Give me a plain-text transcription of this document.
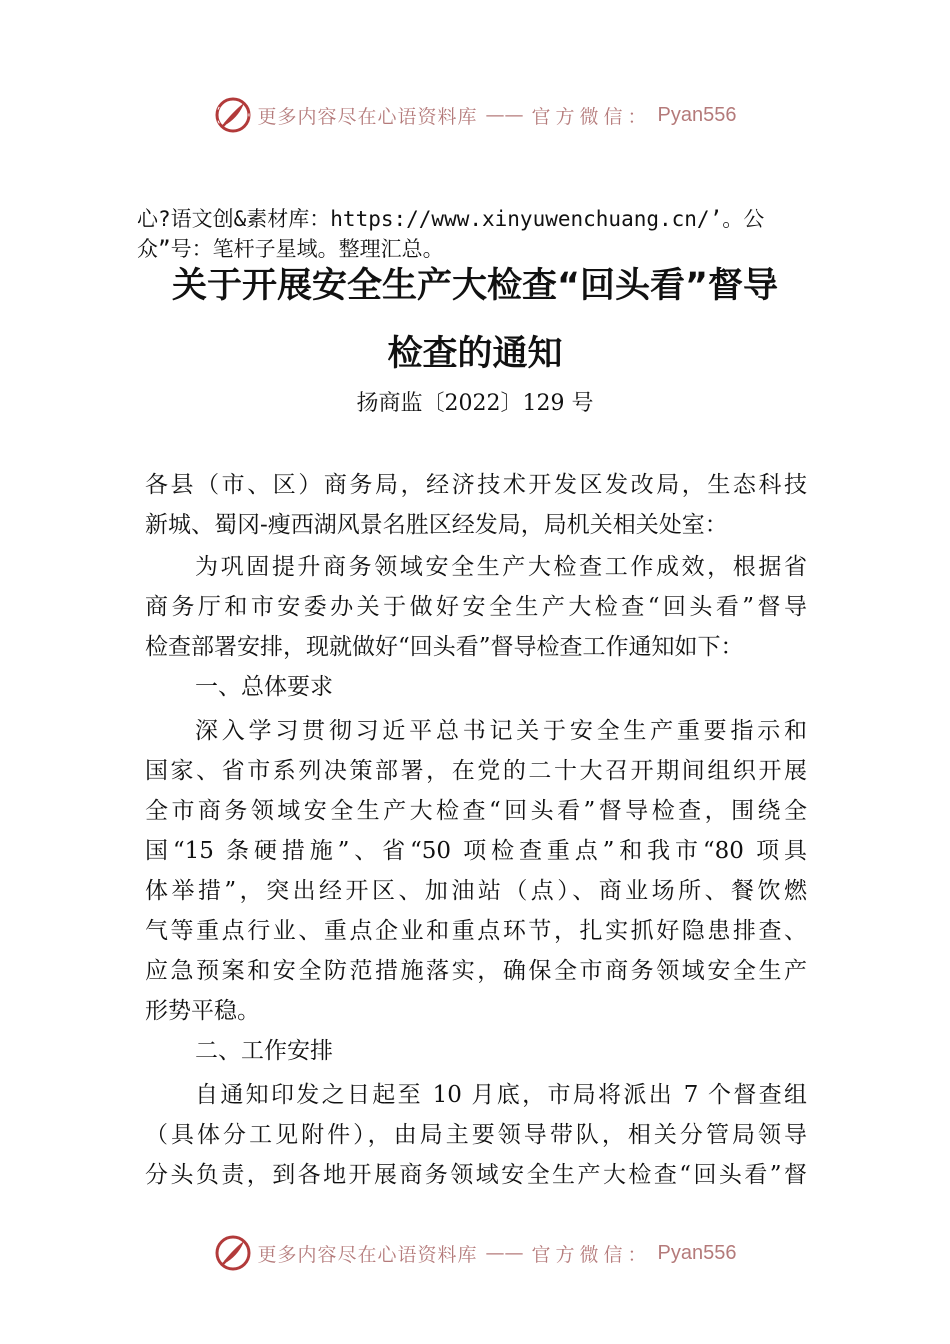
更多内容尽在心语资料库 —— 官方微信： Pyan556
心?语文创&素材库：https://www.xinyuwenchuang.cn/’。公
众”号：笔杆子星域。整理汇总。
关于开展安全生产大检查“回头看”督导
检查的通知
扬商监〔2022〕129 号
各县（市、区）商务局，经济技术开发区发改局，生态科技
新城、蜀冈-瘦西湖风景名胜区经发局，局机关相关处室：
为巩固提升商务领域安全生产大检查工作成效，根据省
商务厅和市安委办关于做好安全生产大检查“回头看”督导
检查部署安排，现就做好“回头看”督导检查工作通知如下：
一、总体要求
深入学习贯彻习近平总书记关于安全生产重要指示和
国家、省市系列决策部署，在党的二十大召开期间组织开展
全市商务领域安全生产大检查“回头看”督导检查，围绕全
国“15 条硬措施”、省“50 项检查重点”和我市“80 项具
体举措”，突出经开区、加油站（点）、商业场所、餐饮燃
气等重点行业、重点企业和重点环节，扎实抓好隐患排查、
应急预案和安全防范措施落实，确保全市商务领域安全生产
形势平稳。
二、工作安排
自通知印发之日起至 10 月底，市局将派出 7 个督查组
（具体分工见附件），由局主要领导带队，相关分管局领导
分头负责，到各地开展商务领域安全生产大检查“回头看”督
更多内容尽在心语资料库 —— 官方微信： Pyan556
